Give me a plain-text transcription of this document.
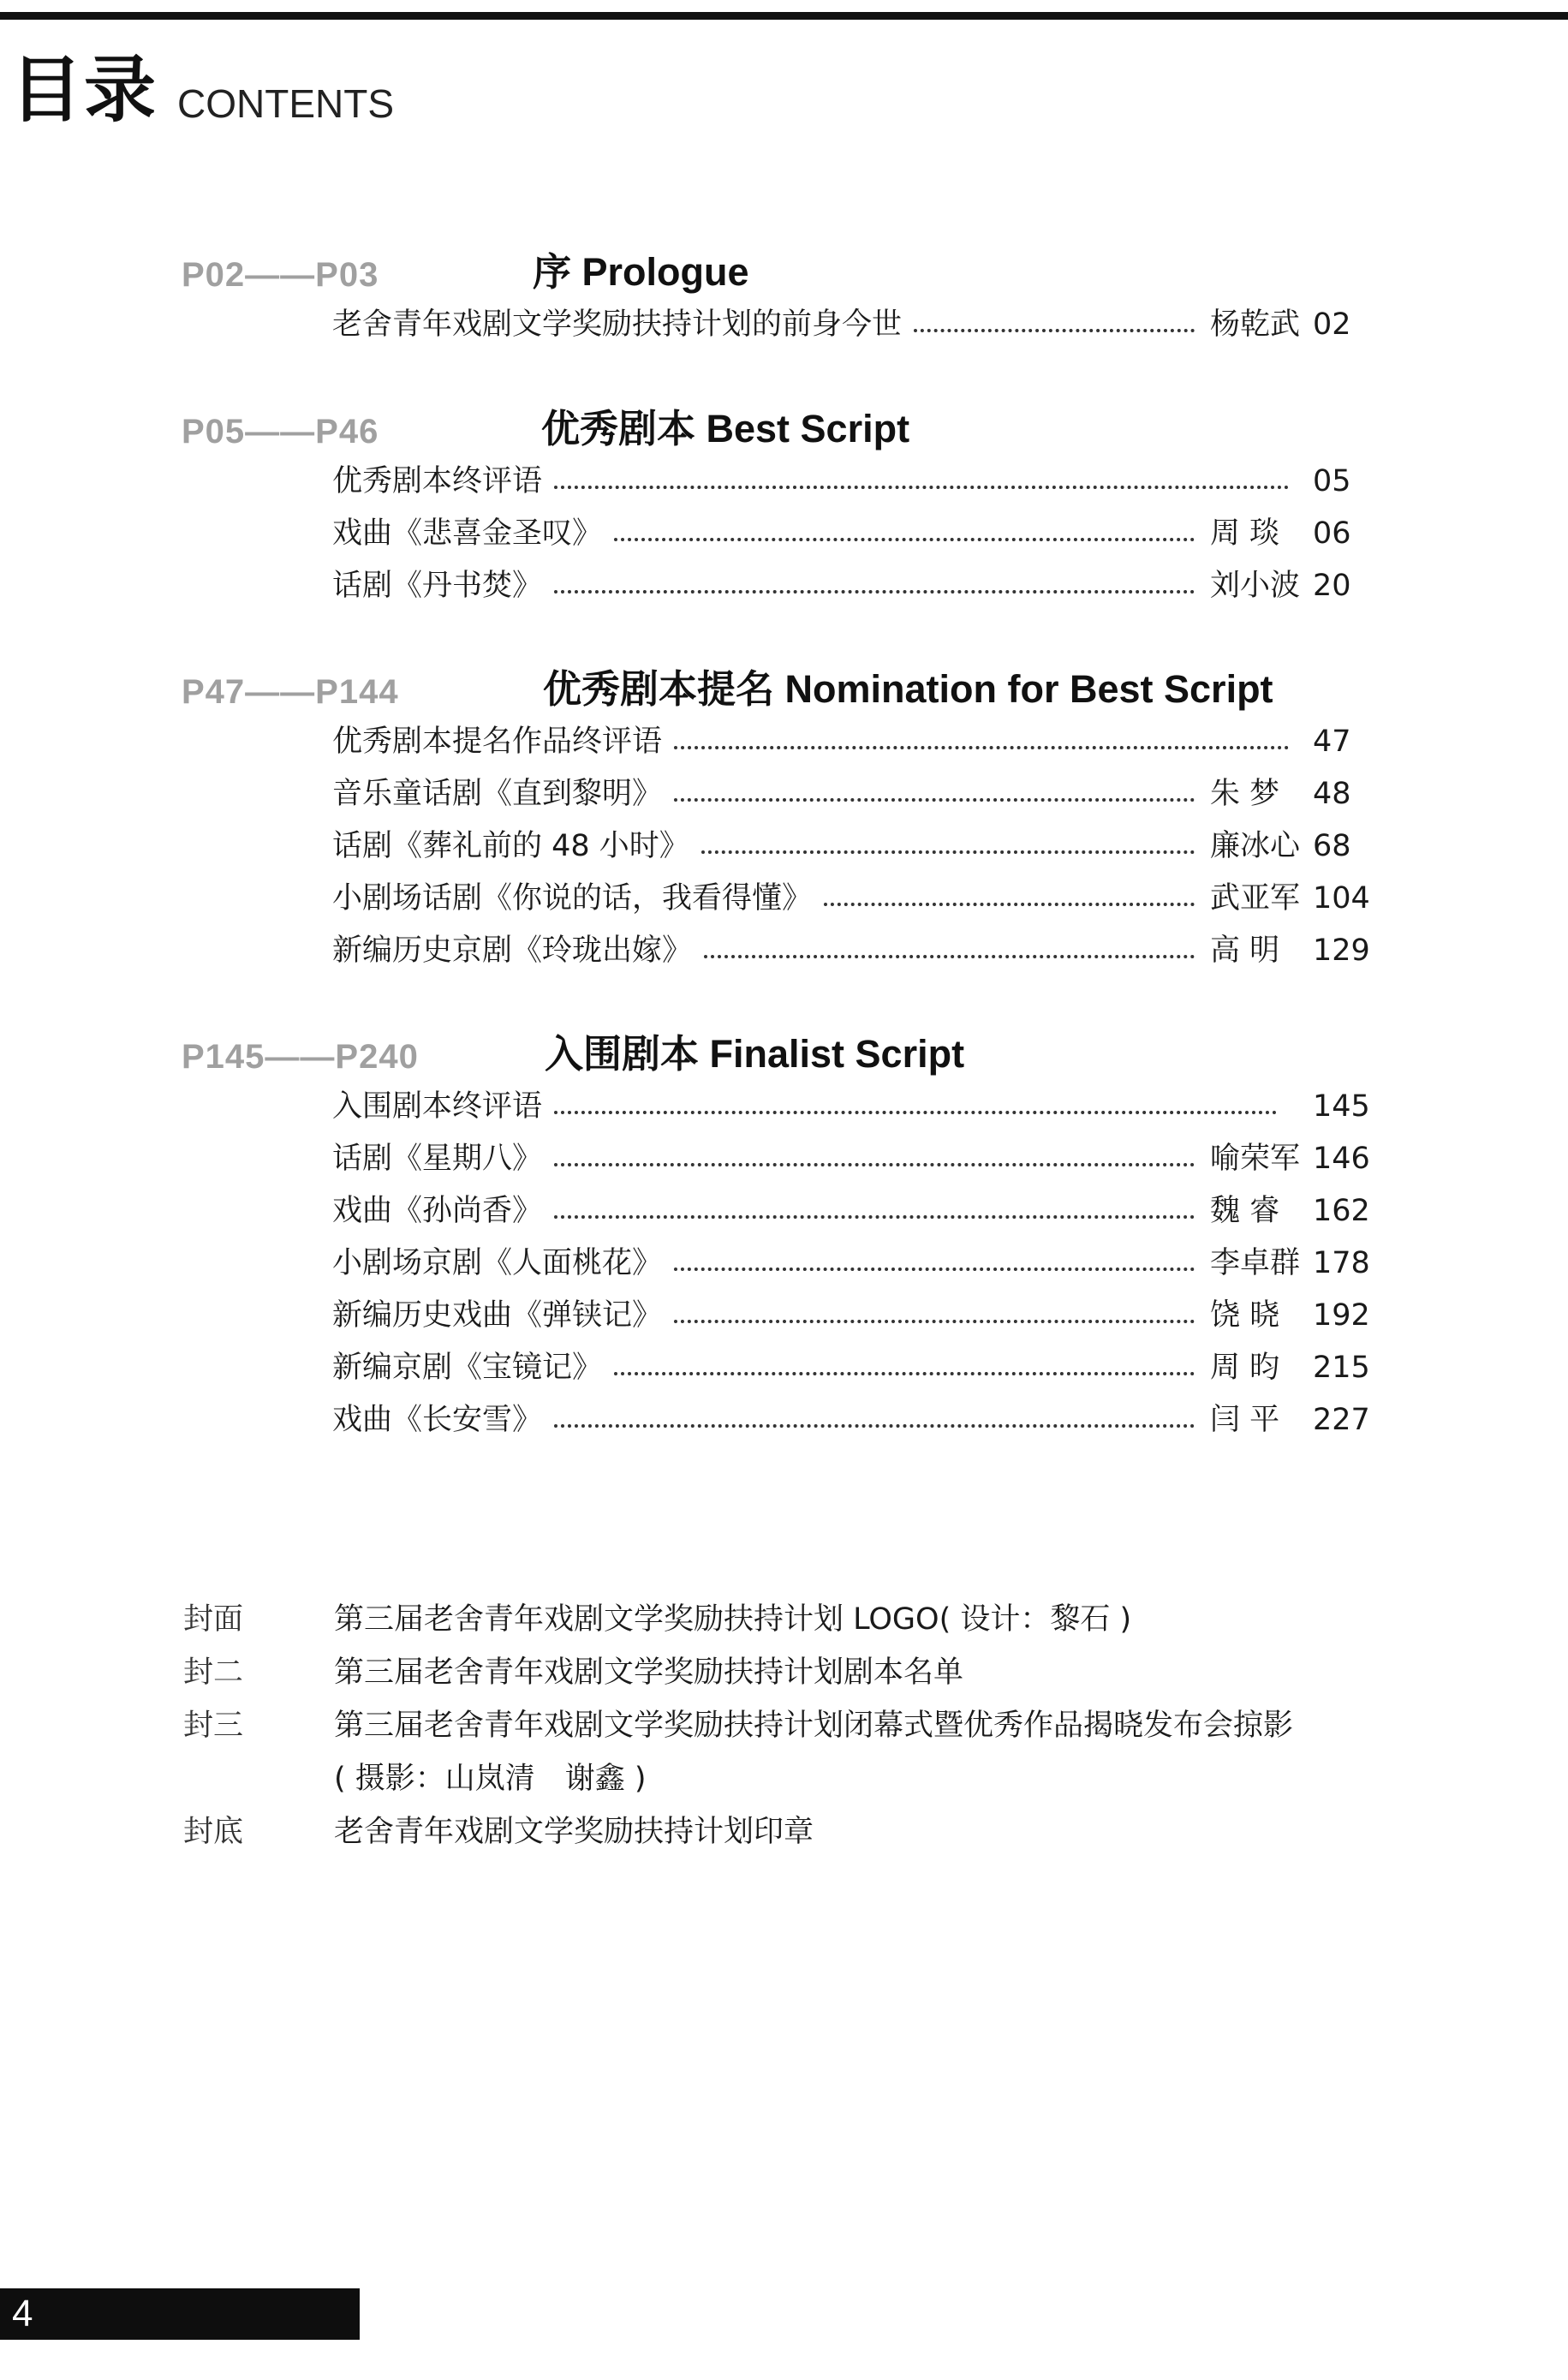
目录 CONTENTS
P02——P03	序 Prologue
老舍青年戏剧文学奖励扶持计划的前身今世	杨乾武 02
P05——P46	优秀剧本 Best Script
优秀剧本终评语	05
戏曲《悲喜金圣叹》	周 琰	06
话剧《丹书焚》	刘小波 20
P47——P144	优秀剧本提名 Nomination for Best Script
优秀剧本提名作品终评语	47
音乐童话剧《直到黎明》	朱 梦	48
话剧《葬礼前的 48 小时》	廉冰心 68
小剧场话剧《你说的话，我看得懂》	武亚军 104
新编历史京剧《玲珑出嫁》	高 明	129
P145——P240	入围剧本 Finalist Script
入围剧本终评语	145
话剧《星期八》	喻荣军 146
戏曲《孙尚香》	魏 睿	162
小剧场京剧《人面桃花》	李卓群 178
新编历史戏曲《弹铗记》	饶 晓	192
新编京剧《宝镜记》	周 昀	215
戏曲《长安雪》	闫 平	227
封面	第三届老舍青年戏剧文学奖励扶持计划 LOGO( 设计：黎石 )
封二	第三届老舍青年戏剧文学奖励扶持计划剧本名单
封三	第三届老舍青年戏剧文学奖励扶持计划闭幕式暨优秀作品揭晓发布会掠影
( 摄影：山岚清　谢鑫 )
封底	老舍青年戏剧文学奖励扶持计划印章
4
